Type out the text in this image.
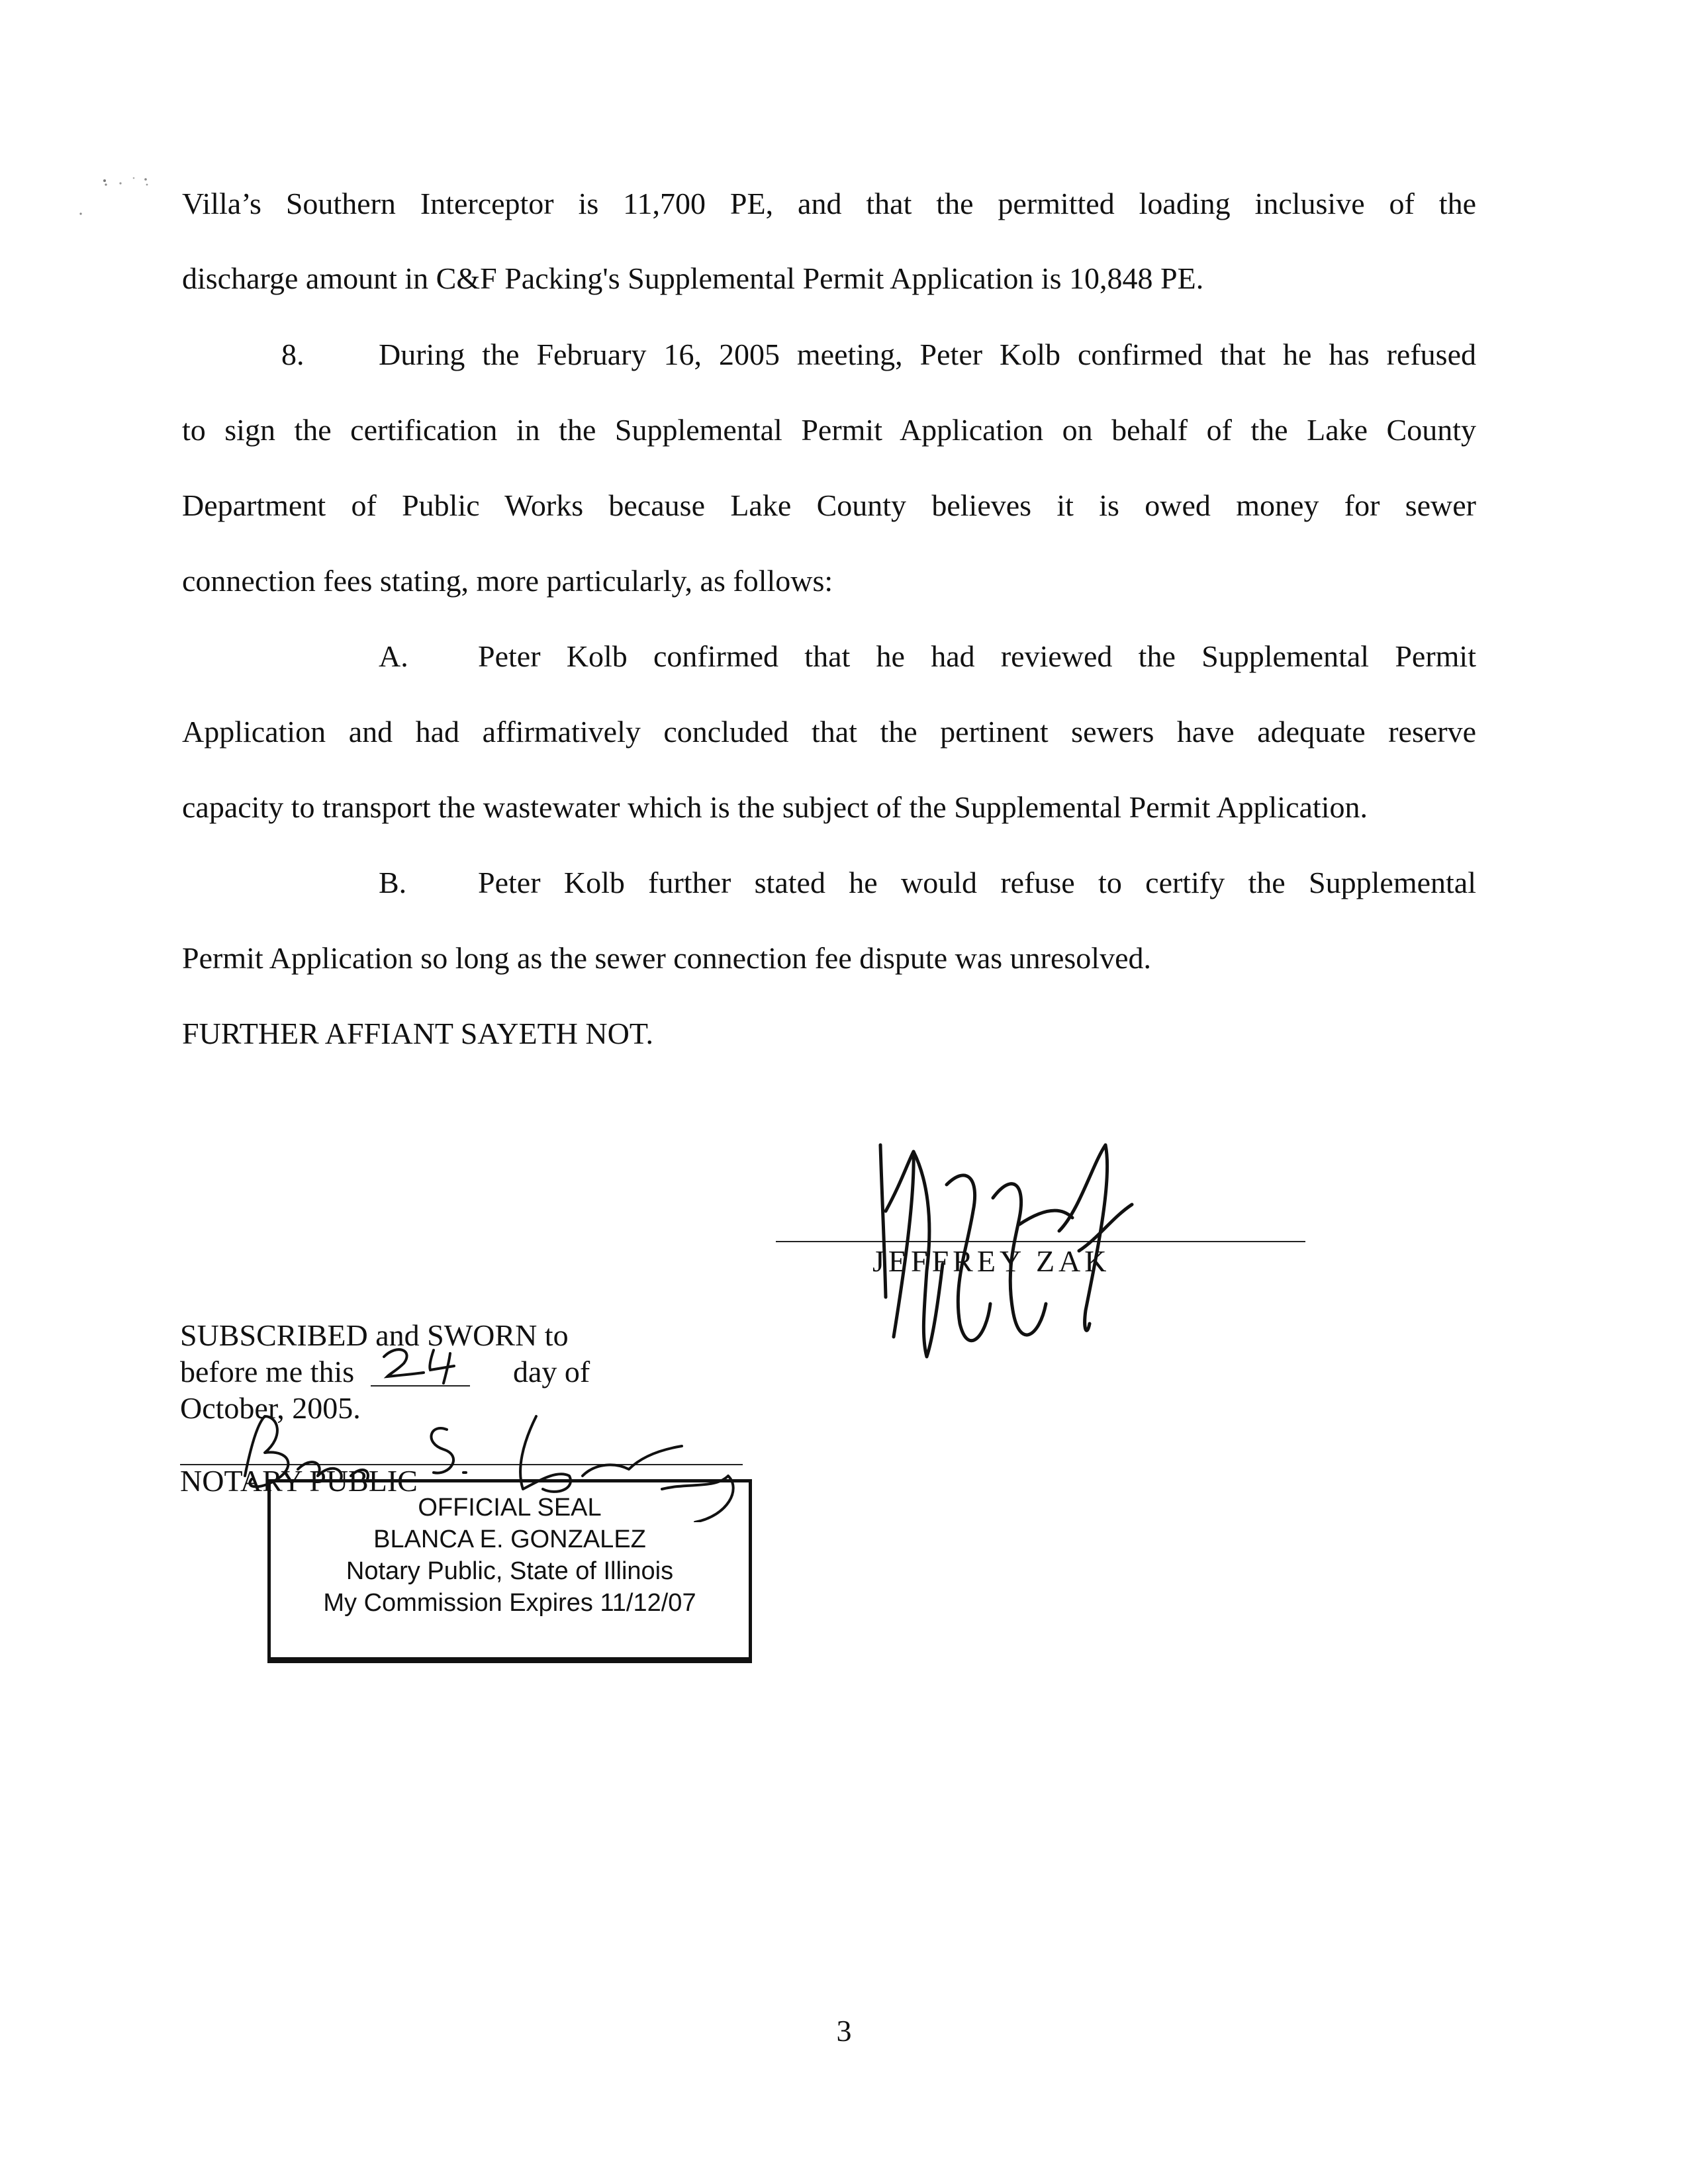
Villa’s Southern Interceptor is 11,700 PE, and that the permitted loading inclusive of the
discharge amount in C&F Packing's Supplemental Permit Application is 10,848 PE.
8. During the February 16, 2005 meeting, Peter Kolb confirmed that he has refused
to sign the certification in the Supplemental Permit Application on behalf of the Lake County
Department of Public Works because Lake County believes it is owed money for sewer
connection fees stating, more particularly, as follows:
A. Peter Kolb confirmed that he had reviewed the Supplemental Permit
Application and had affirmatively concluded that the pertinent sewers have adequate reserve
capacity to transport the wastewater which is the subject of the Supplemental Permit Application.
B. Peter Kolb further stated he would refuse to certify the Supplemental
Permit Application so long as the sewer connection fee dispute was unresolved.
FURTHER AFFIANT SAYETH NOT.
JEFFREY ZAK
SUBSCRIBED and SWORN to
before me this	day of
October, 2005.
NOTARY PUBLIC
OFFICIAL SEAL
BLANCA E. GONZALEZ
Notary Public, State of Illinois
My Commission Expires 11/12/07
3
